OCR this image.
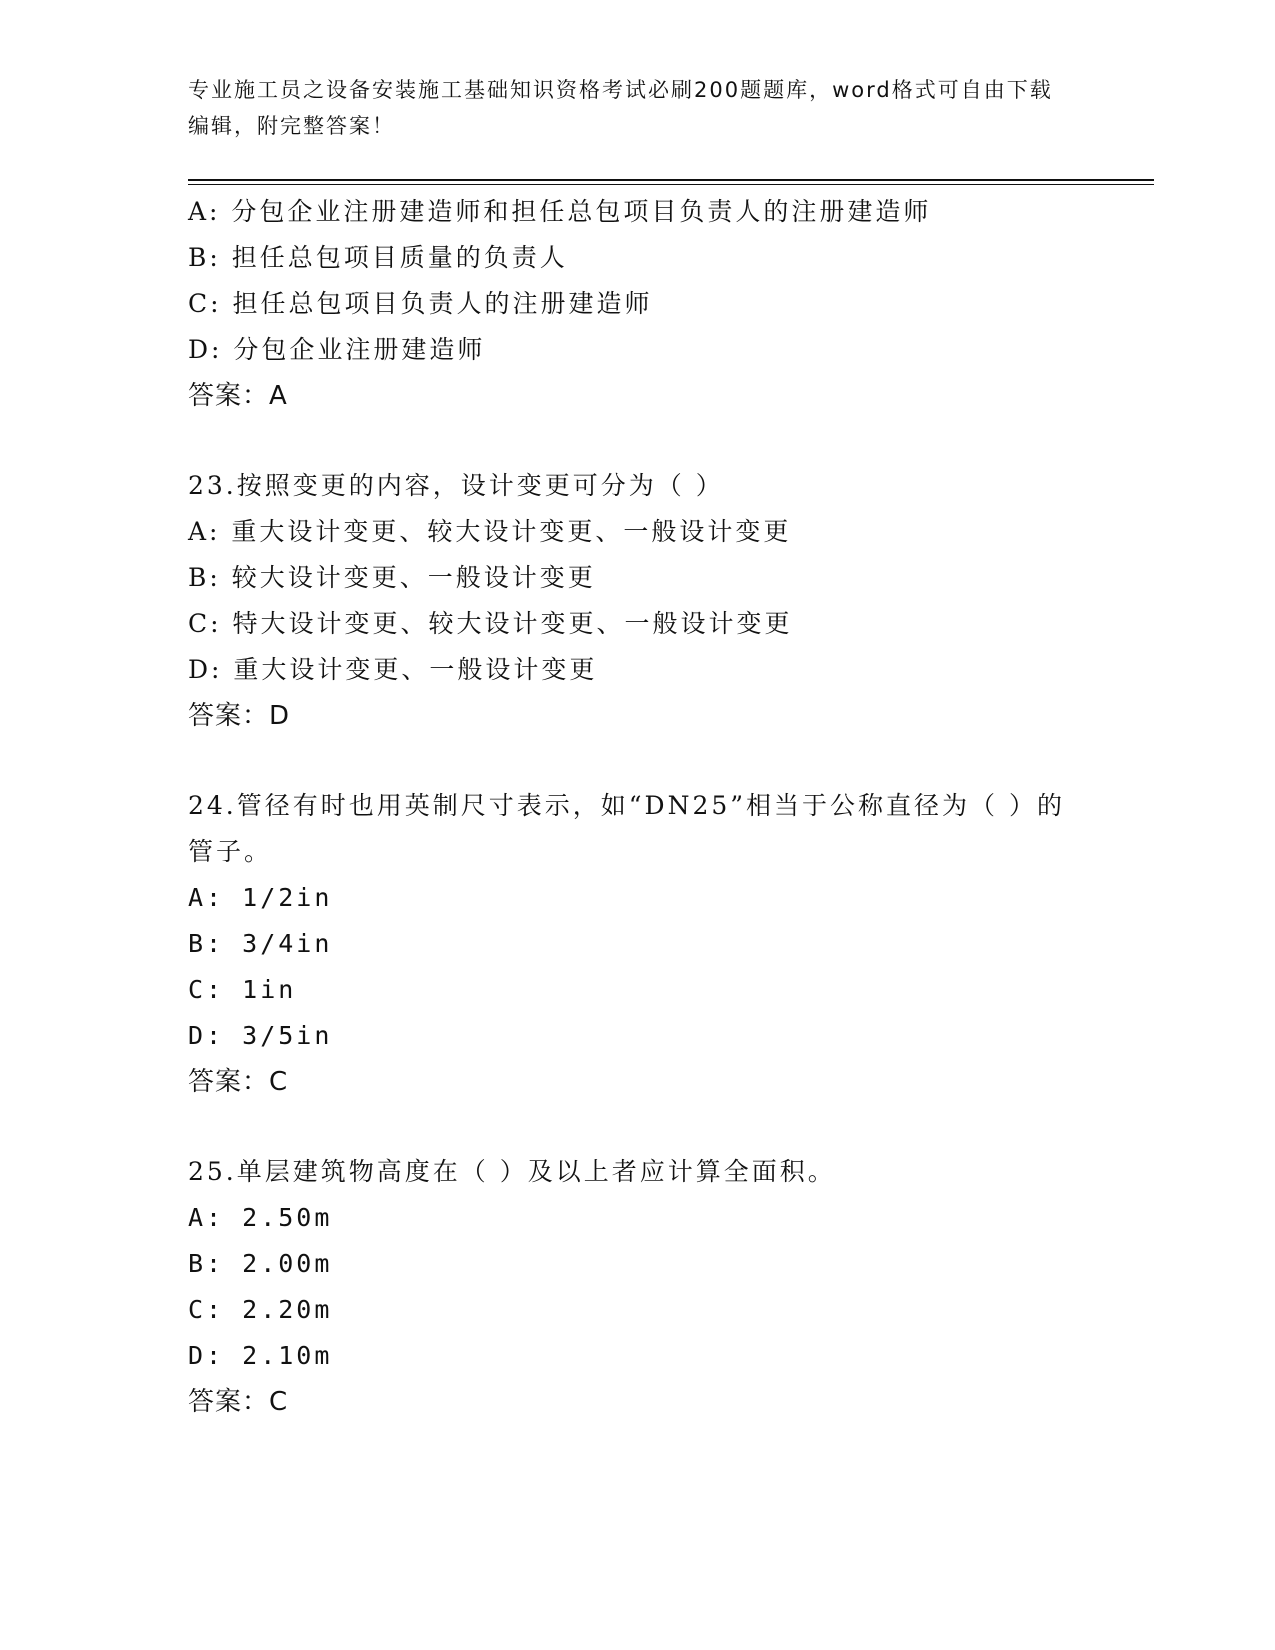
专业施工员之设备安装施工基础知识资格考试必刷200题题库，word格式可自由下载编辑，附完整答案！

A: 分包企业注册建造师和担任总包项目负责人的注册建造师
B: 担任总包项目质量的负责人
C: 担任总包项目负责人的注册建造师
D: 分包企业注册建造师
答案：A
23.按照变更的内容，设计变更可分为（ ）
A: 重大设计变更、较大设计变更、一般设计变更
B: 较大设计变更、一般设计变更
C: 特大设计变更、较大设计变更、一般设计变更
D: 重大设计变更、一般设计变更
答案：D
24.管径有时也用英制尺寸表示，如“DN25”相当于公称直径为（ ）的管子。
A: 1/2in
B: 3/4in
C: 1in
D: 3/5in
答案：C
25.单层建筑物高度在（ ）及以上者应计算全面积。
A: 2.50m
B: 2.00m
C: 2.20m
D: 2.10m
答案：C
